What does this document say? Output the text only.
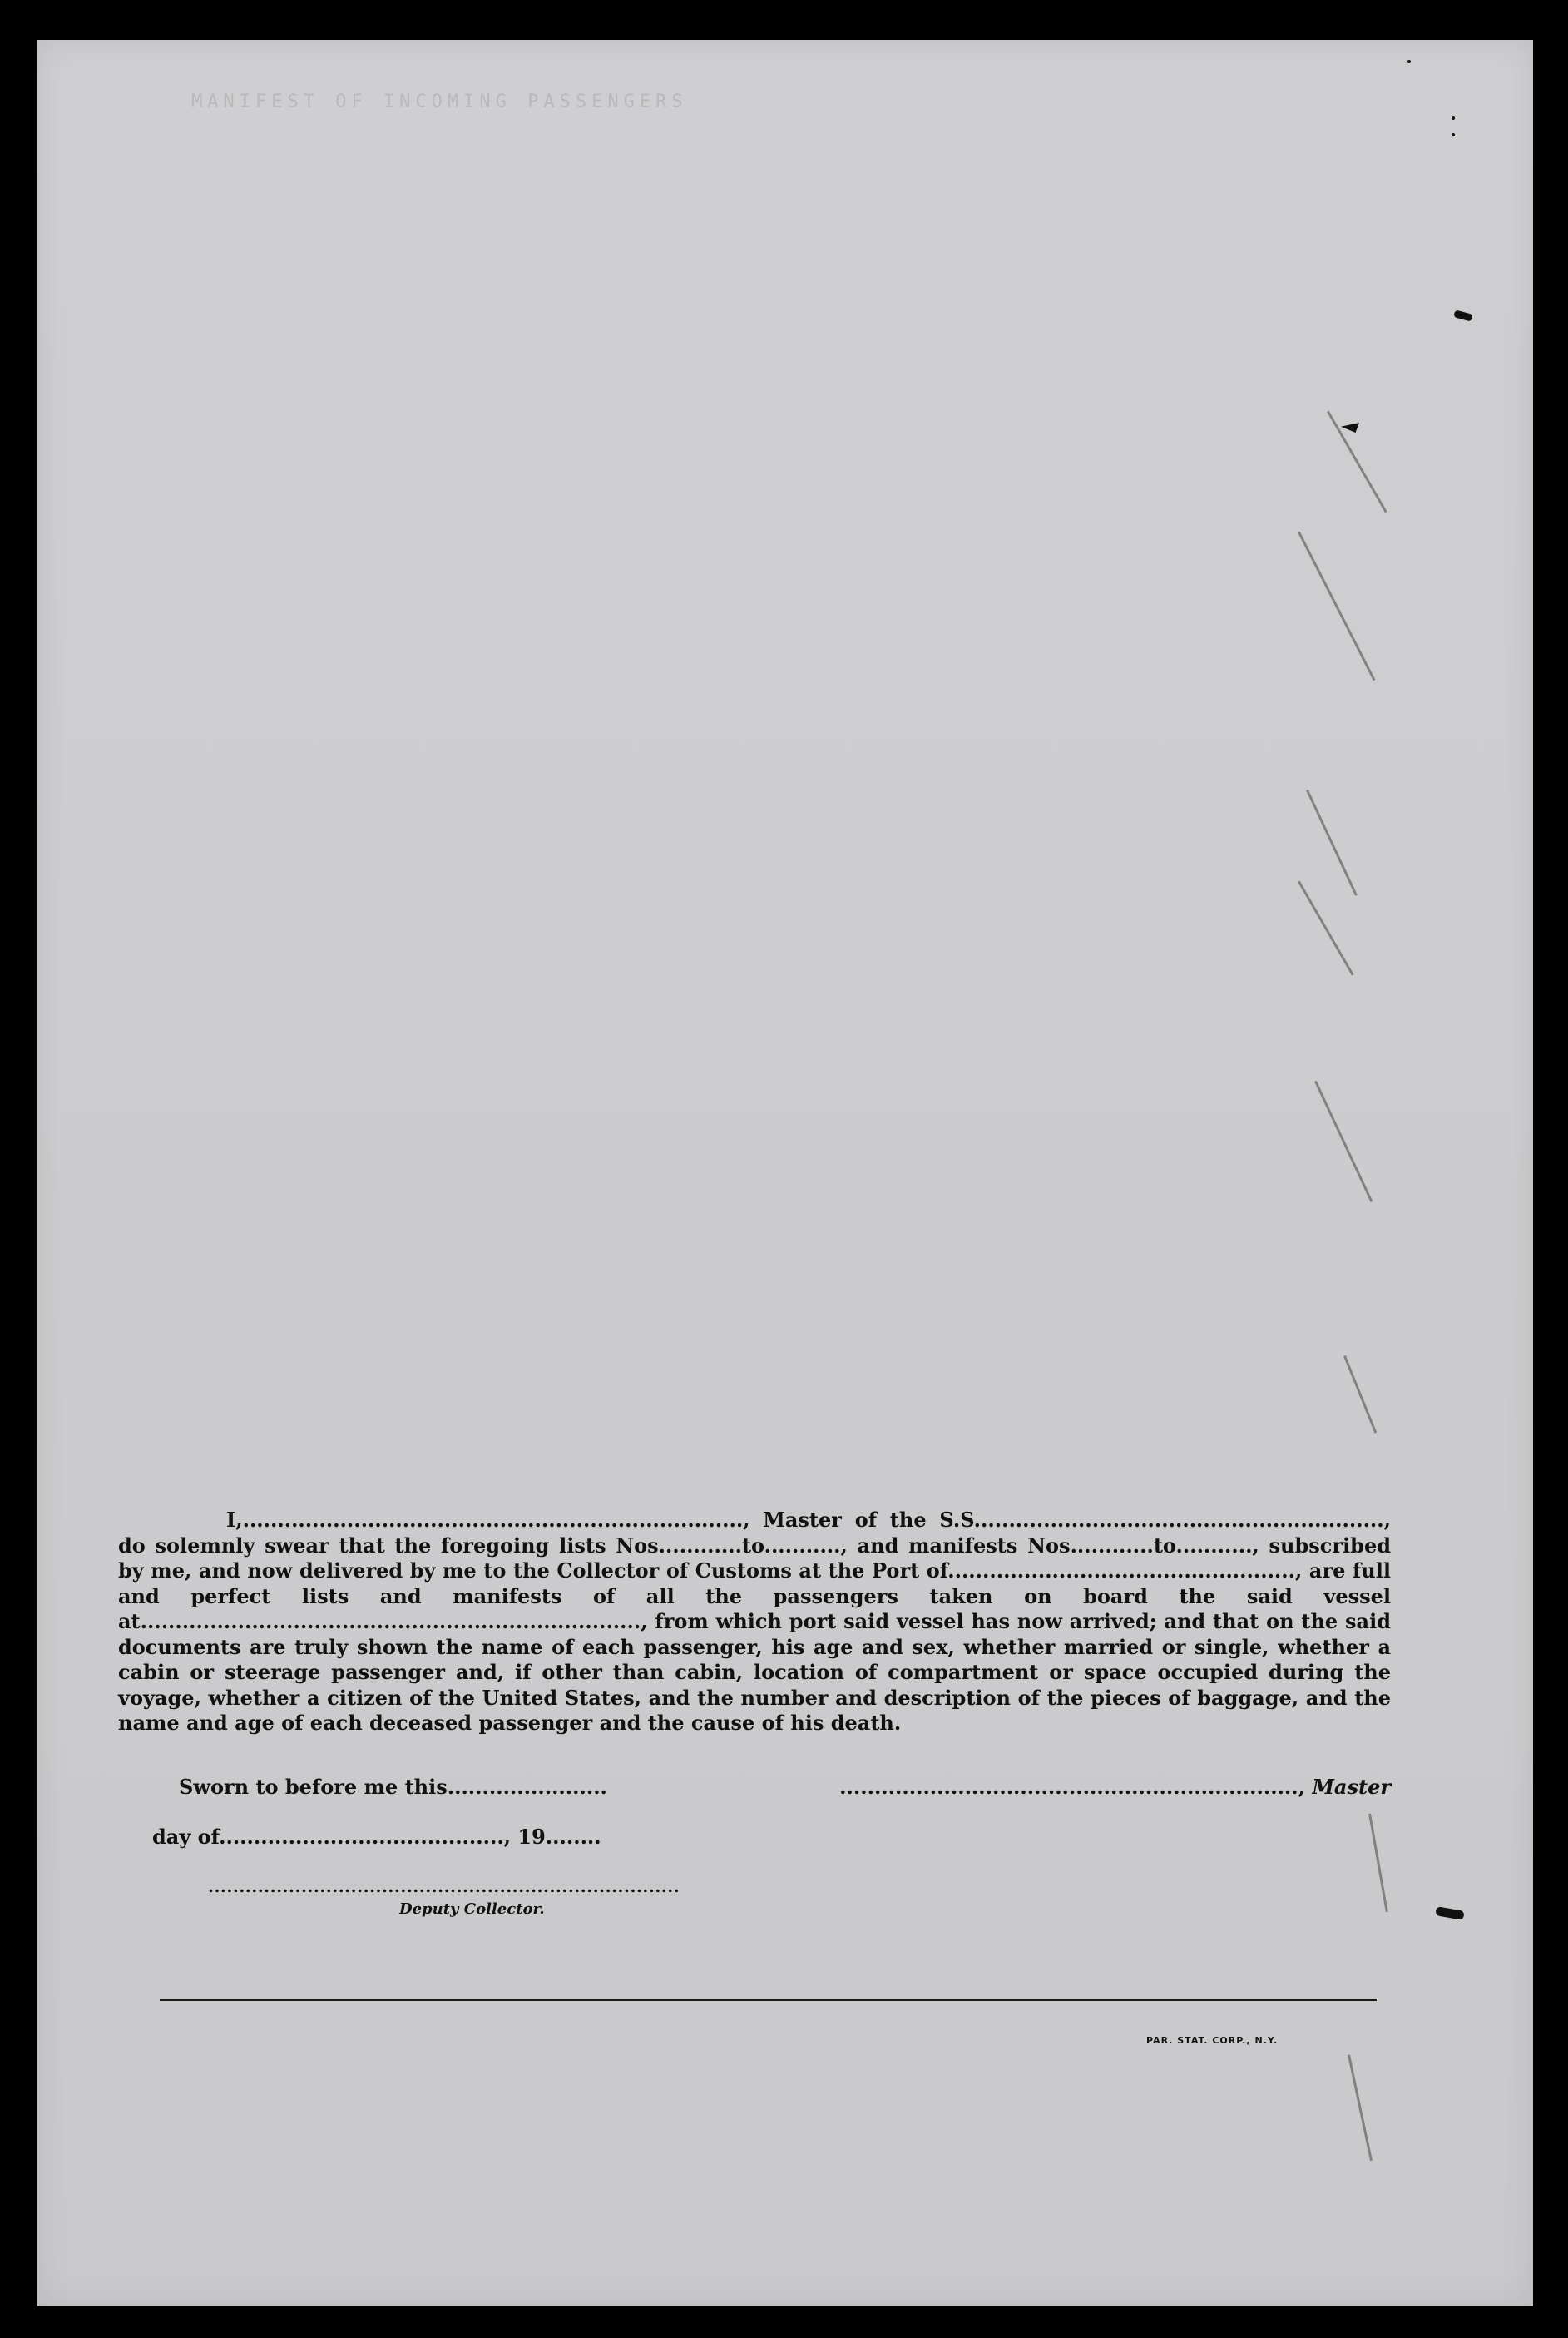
MANIFEST OF INCOMING PASSENGERS

I,........................................................................, Master of the S.S..........................................................., do solemnly swear that the foregoing lists Nos............to..........., and manifests Nos............to..........., subscribed by me, and now delivered by me to the Collector of Customs at the Port of.................................................., are full and perfect lists and manifests of all the passengers taken on board the said vessel at........................................................................, from which port said vessel has now arrived; and that on the said documents are truly shown the name of each passenger, his age and sex, whether married or single, whether a cabin or steerage passenger and, if other than cabin, location of compartment or space occupied during the voyage, whether a citizen of the United States, and the number and description of the pieces of baggage, and the name and age of each deceased passenger and the cause of his death.

Sworn to before me this.......................	.................................................................., Master
day of........................................., 19........
............................................................................
Deputy Collector.
PAR. STAT. CORP., N.Y.
